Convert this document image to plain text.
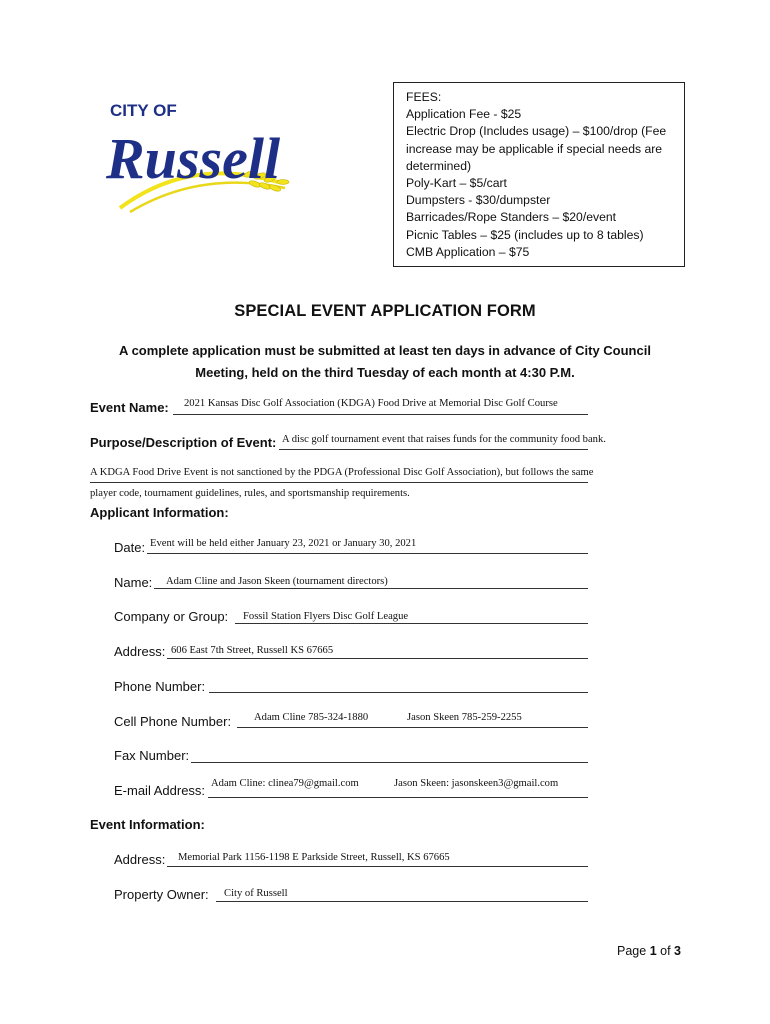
CITY OF
Russell
FEES:
Application Fee - $25
Electric Drop (Includes usage) – $100/drop (Fee increase may be applicable if special needs are determined)
Poly-Kart – $5/cart
Dumpsters - $30/dumpster
Barricades/Rope Standers – $20/event
Picnic Tables – $25 (includes up to 8 tables)
CMB Application – $75
SPECIAL EVENT APPLICATION FORM
A complete application must be submitted at least ten days in advance of City Council
Meeting, held on the third Tuesday of each month at 4:30 P.M.
Event Name: 2021 Kansas Disc Golf Association (KDGA) Food Drive at Memorial Disc Golf Course
Purpose/Description of Event: A disc golf tournament event that raises funds for the community food bank.
A KDGA Food Drive Event is not sanctioned by the PDGA (Professional Disc Golf Association), but follows the same
player code, tournament guidelines, rules, and sportsmanship requirements.
Applicant Information:
Date: Event will be held either January 23, 2021 or January 30, 2021
Name: Adam Cline and Jason Skeen (tournament directors)
Company or Group: Fossil Station Flyers Disc Golf League
Address: 606 East 7th Street, Russell KS 67665
Phone Number:
Cell Phone Number: Adam Cline 785-324-1880	Jason Skeen 785-259-2255
Fax Number:
E-mail Address: Adam Cline: clinea79@gmail.com	Jason Skeen: jasonskeen3@gmail.com
Event Information:
Address: Memorial Park 1156-1198 E Parkside Street, Russell, KS 67665
Property Owner: City of Russell
Page 1 of 3
